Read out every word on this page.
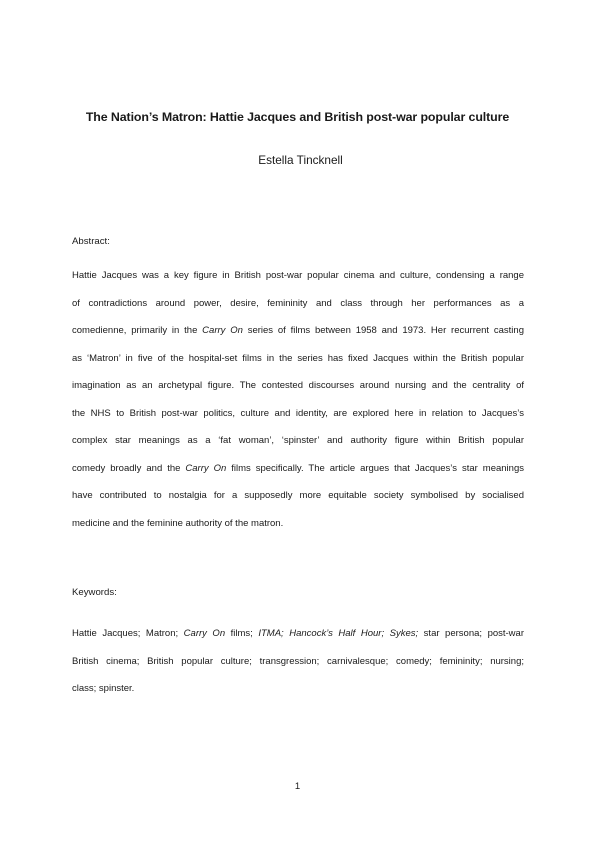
The Nation’s Matron: Hattie Jacques and British post-war popular culture
Estella Tincknell
Abstract:
Hattie Jacques was a key figure in British post-war popular cinema and culture, condensing a range
of contradictions around power, desire, femininity and class through her performances as a
comedienne, primarily in the Carry On series of films between 1958 and 1973. Her recurrent casting
as ‘Matron’ in five of the hospital-set films in the series has fixed Jacques within the British popular
imagination as an archetypal figure. The contested discourses around nursing and the centrality of
the NHS to British post-war politics, culture and identity, are explored here in relation to Jacques’s
complex star meanings as a ‘fat woman’, ‘spinster’ and authority figure within British popular
comedy broadly and the Carry On films specifically. The article argues that Jacques’s star meanings
have contributed to nostalgia for a supposedly more equitable society symbolised by socialised
medicine and the feminine authority of the matron.
Keywords:
Hattie Jacques; Matron; Carry On films; ITMA; Hancock’s Half Hour; Sykes; star persona; post-war
British cinema; British popular culture; transgression; carnivalesque; comedy; femininity; nursing;
class; spinster.
1
